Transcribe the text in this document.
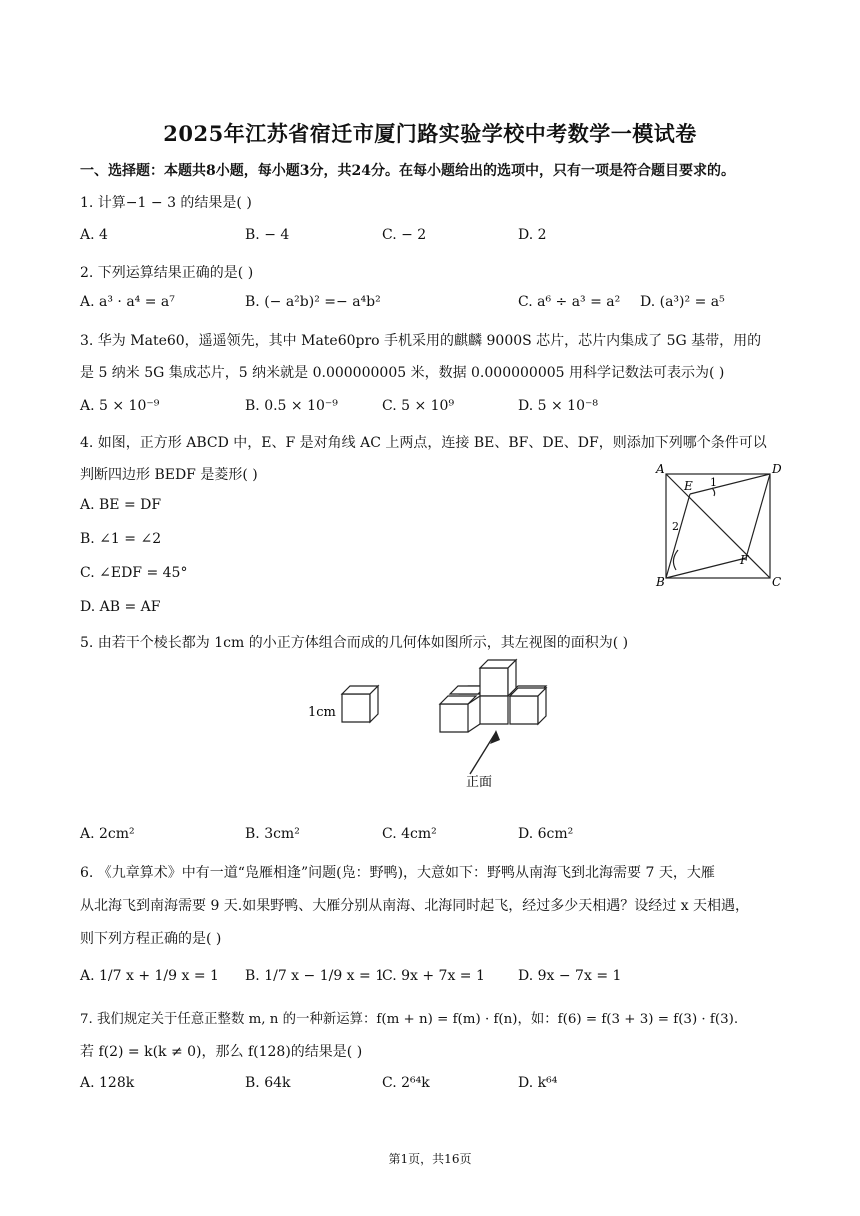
2025年江苏省宿迁市厦门路实验学校中考数学一模试卷
一、选择题：本题共8小题，每小题3分，共24分。在每小题给出的选项中，只有一项是符合题目要求的。
1. 计算−1 − 3 的结果是( )
A. 4	B. − 4	C. − 2	D. 2
2. 下列运算结果正确的是( )
A. a³ · a⁴ = a⁷	B. (− a²b)² =− a⁴b²	C. a⁶ ÷ a³ = a² D. (a³)² = a⁵
3. 华为 Mate60，遥遥领先，其中 Mate60pro 手机采用的麒麟 9000S 芯片，芯片内集成了 5G 基带，用的
是 5 纳米 5G 集成芯片，5 纳米就是 0.000000005 米，数据 0.000000005 用科学记数法可表示为( )
A. 5 × 10⁻⁹	B. 0.5 × 10⁻⁹	C. 5 × 10⁹	D. 5 × 10⁻⁸
4. 如图，正方形 ABCD 中，E、F 是对角线 AC 上两点，连接 BE、BF、DE、DF，则添加下列哪个条件可以
判断四边形 BEDF 是菱形( )
A. BE = DF
B. ∠1 = ∠2
C. ∠EDF = 45°
D. AB = AF
A	D
B	C
E
F
1
2
5. 由若干个棱长都为 1cm 的小正方体组合而成的几何体如图所示，其左视图的面积为( )
1cm
正面
A. 2cm²	B. 3cm²	C. 4cm²	D. 6cm²
6. 《九章算术》中有一道“凫雁相逢”问题(凫：野鸭)，大意如下：野鸭从南海飞到北海需要 7 天，大雁
从北海飞到南海需要 9 天.如果野鸭、大雁分别从南海、北海同时起飞，经过多少天相遇？设经过 x 天相遇，
则下列方程正确的是( )
A. 1/7 x + 1/9 x = 1 B. 1/7 x − 1/9 x = 1
C. 9x + 7x = 1 D. 9x − 7x = 1
7. 我们规定关于任意正整数 m, n 的一种新运算：f(m + n) = f(m) · f(n)，如：f(6) = f(3 + 3) = f(3) · f(3).
若 f(2) = k(k ≠ 0)，那么 f(128)的结果是( )
A. 128k	B. 64k	C. 2⁶⁴k	D. k⁶⁴
第1页，共16页
